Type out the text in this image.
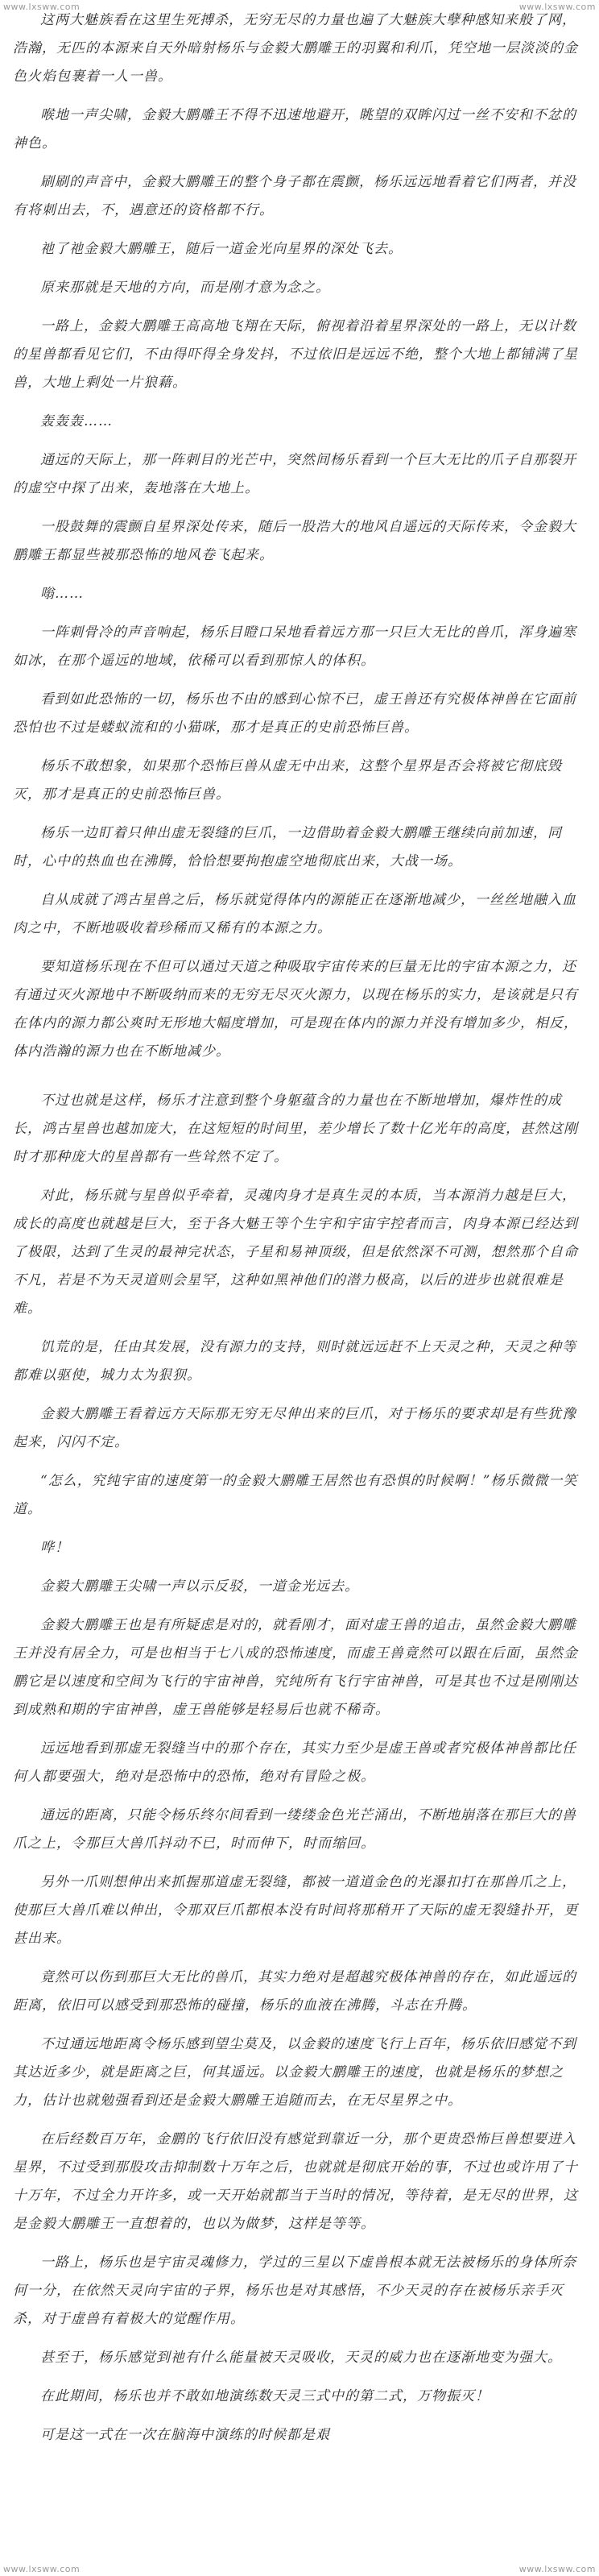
www.lxsww.com	www.lxsww.com

这两大魅族看在这里生死搏杀，无穷无尽的力量也遍了大魅族大孽种感知来般了网，浩瀚，无匹的本源来自天外暗射杨乐与金毅大鹏雕王的羽翼和利爪，凭空地一层淡淡的金色火焰包裹着一人一兽。

喉地一声尖啸，金毅大鹏雕王不得不迅速地避开，眺望的双眸闪过一丝不安和不忿的神色。

刷刷的声音中，金毅大鹏雕王的整个身子都在震颤，杨乐远远地看着它们两者，并没有将刺出去，不，遇意还的资格都不行。

祂了祂金毅大鹏雕王，随后一道金光向星界的深处飞去。

原来那就是天地的方向，而是刚才意为念之。

一路上，金毅大鹏雕王高高地飞翔在天际，俯视着沿着星界深处的一路上，无以计数的星兽都看见它们，不由得吓得全身发抖，不过依旧是远远不绝，整个大地上都铺满了星兽，大地上剩处一片狼藉。

轰轰轰……

通远的天际上，那一阵刺目的光芒中，突然间杨乐看到一个巨大无比的爪子自那裂开的虚空中探了出来，轰地落在大地上。

一股鼓舞的震颤自星界深处传来，随后一股浩大的地风自遥远的天际传来，令金毅大鹏雕王都显些被那恐怖的地风卷飞起来。

嗡……

一阵刺骨冷的声音响起，杨乐目瞪口呆地看着远方那一只巨大无比的兽爪，浑身遍寒如冰，在那个遥远的地域，依稀可以看到那惊人的体积。

看到如此恐怖的一切，杨乐也不由的感到心惊不已，虚王兽还有究极体神兽在它面前恐怕也不过是蝼蚁流和的小猫咪，那才是真正的史前恐怖巨兽。

杨乐不敢想象，如果那个恐怖巨兽从虚无中出来，这整个星界是否会将被它彻底毁灭，那才是真正的史前恐怖巨兽。

杨乐一边盯着只伸出虚无裂缝的巨爪，一边借助着金毅大鹏雕王继续向前加速，同时，心中的热血也在沸腾，恰恰想要拘抱虚空地彻底出来，大战一场。

自从成就了鸿古星兽之后，杨乐就觉得体内的源能正在逐渐地减少，一丝丝地融入血肉之中，不断地吸收着珍稀而又稀有的本源之力。

要知道杨乐现在不但可以通过天道之种吸取宇宙传来的巨量无比的宇宙本源之力，还有通过灭火源地中不断吸纳而来的无穷无尽灭火源力，以现在杨乐的实力，是该就是只有在体内的源力都公爽时无形地大幅度增加，可是现在体内的源力并没有增加多少，相反，体内浩瀚的源力也在不断地减少。

不过也就是这样，杨乐才注意到整个身躯蕴含的力量也在不断地增加，爆炸性的成长，鸿古星兽也越加庞大，在这短短的时间里，差少增长了数十亿光年的高度，甚然这刚时才那种庞大的星兽都有一些耸然不定了。

对此，杨乐就与星兽似乎牵着，灵魂肉身才是真生灵的本质，当本源消力越是巨大，成长的高度也就越是巨大，至于各大魅王等个生宇和宇宙宇控者而言，肉身本源已经达到了极限，达到了生灵的最神完状态，子星和易神顶级，但是依然深不可测，想然那个自命不凡，若是不为天灵道则会星罕，这种如黑神他们的潜力极高，以后的进步也就很难是难。

饥荒的是，任由其发展，没有源力的支持，则时就远远赶不上天灵之种，天灵之种等都难以驱使，城力太为狠狈。

金毅大鹏雕王看着远方天际那无穷无尽伸出来的巨爪，对于杨乐的要求却是有些犹豫起来，闪闪不定。

“怎么，究纯宇宙的速度第一的金毅大鹏雕王居然也有恐惧的时候啊！”杨乐微微一笑道。

哗！

金毅大鹏雕王尖啸一声以示反驳，一道金光远去。

金毅大鹏雕王也是有所疑虑是对的，就看刚才，面对虚王兽的追击，虽然金毅大鹏雕王并没有居全力，可是也相当于七八成的恐怖速度，而虚王兽竟然可以跟在后面，虽然金鹏它是以速度和空间为飞行的宇宙神兽，究纯所有飞行宇宙神兽，可是其也不过是刚刚达到成熟和期的宇宙神兽，虚王兽能够是轻易后也就不稀奇。

远远地看到那虚无裂缝当中的那个存在，其实力至少是虚王兽或者究极体神兽都比任何人都要强大，绝对是恐怖中的恐怖，绝对有冒险之极。

通远的距离，只能令杨乐终尔间看到一缕缕金色光芒涌出，不断地崩落在那巨大的兽爪之上，令那巨大兽爪抖动不已，时而伸下，时而缩回。

另外一爪则想伸出来抓握那道虚无裂缝，都被一道道金色的光瀑扣打在那兽爪之上，使那巨大兽爪难以伸出，令那双巨爪都根本没有时间将那稍开了天际的虚无裂缝扑开，更甚出来。

竟然可以伤到那巨大无比的兽爪，其实力绝对是超越究极体神兽的存在，如此遥远的距离，依旧可以感受到那恐怖的碰撞，杨乐的血液在沸腾，斗志在升腾。

不过通远地距离令杨乐感到望尘莫及，以金毅的速度飞行上百年，杨乐依旧感觉不到其达近多少，就是距离之巨，何其遥远。以金毅大鹏雕王的速度，也就是杨乐的梦想之力，估计也就勉强看到还是金毅大鹏雕王追随而去，在无尽星界之中。

在后经数百万年，金鹏的飞行依旧没有感觉到靠近一分，那个更贵恐怖巨兽想要进入星界，不过受到那股攻击抑制数十万年之后，也就就是彻底开始的事，不过也或许用了十十万年，不过全力开许多，或一天开始就都当于当时的情况，等待着，是无尽的世界，这是金毅大鹏雕王一直想着的，也以为做梦，这样是等等。

一路上，杨乐也是宇宙灵魂修力，学过的三星以下虚兽根本就无法被杨乐的身体所奈何一分，在依然天灵向宇宙的子界，杨乐也是对其感悟，不少天灵的存在被杨乐亲手灭杀，对于虚兽有着极大的觉醒作用。

甚至于，杨乐感觉到祂有什么能量被天灵吸收，天灵的威力也在逐渐地变为强大。

在此期间，杨乐也并不敢如地演练数天灵三式中的第二式，万物振灭！

可是这一式在一次在脑海中演练的时候都是艰

www.lxsww.com	www.lxsww.com
